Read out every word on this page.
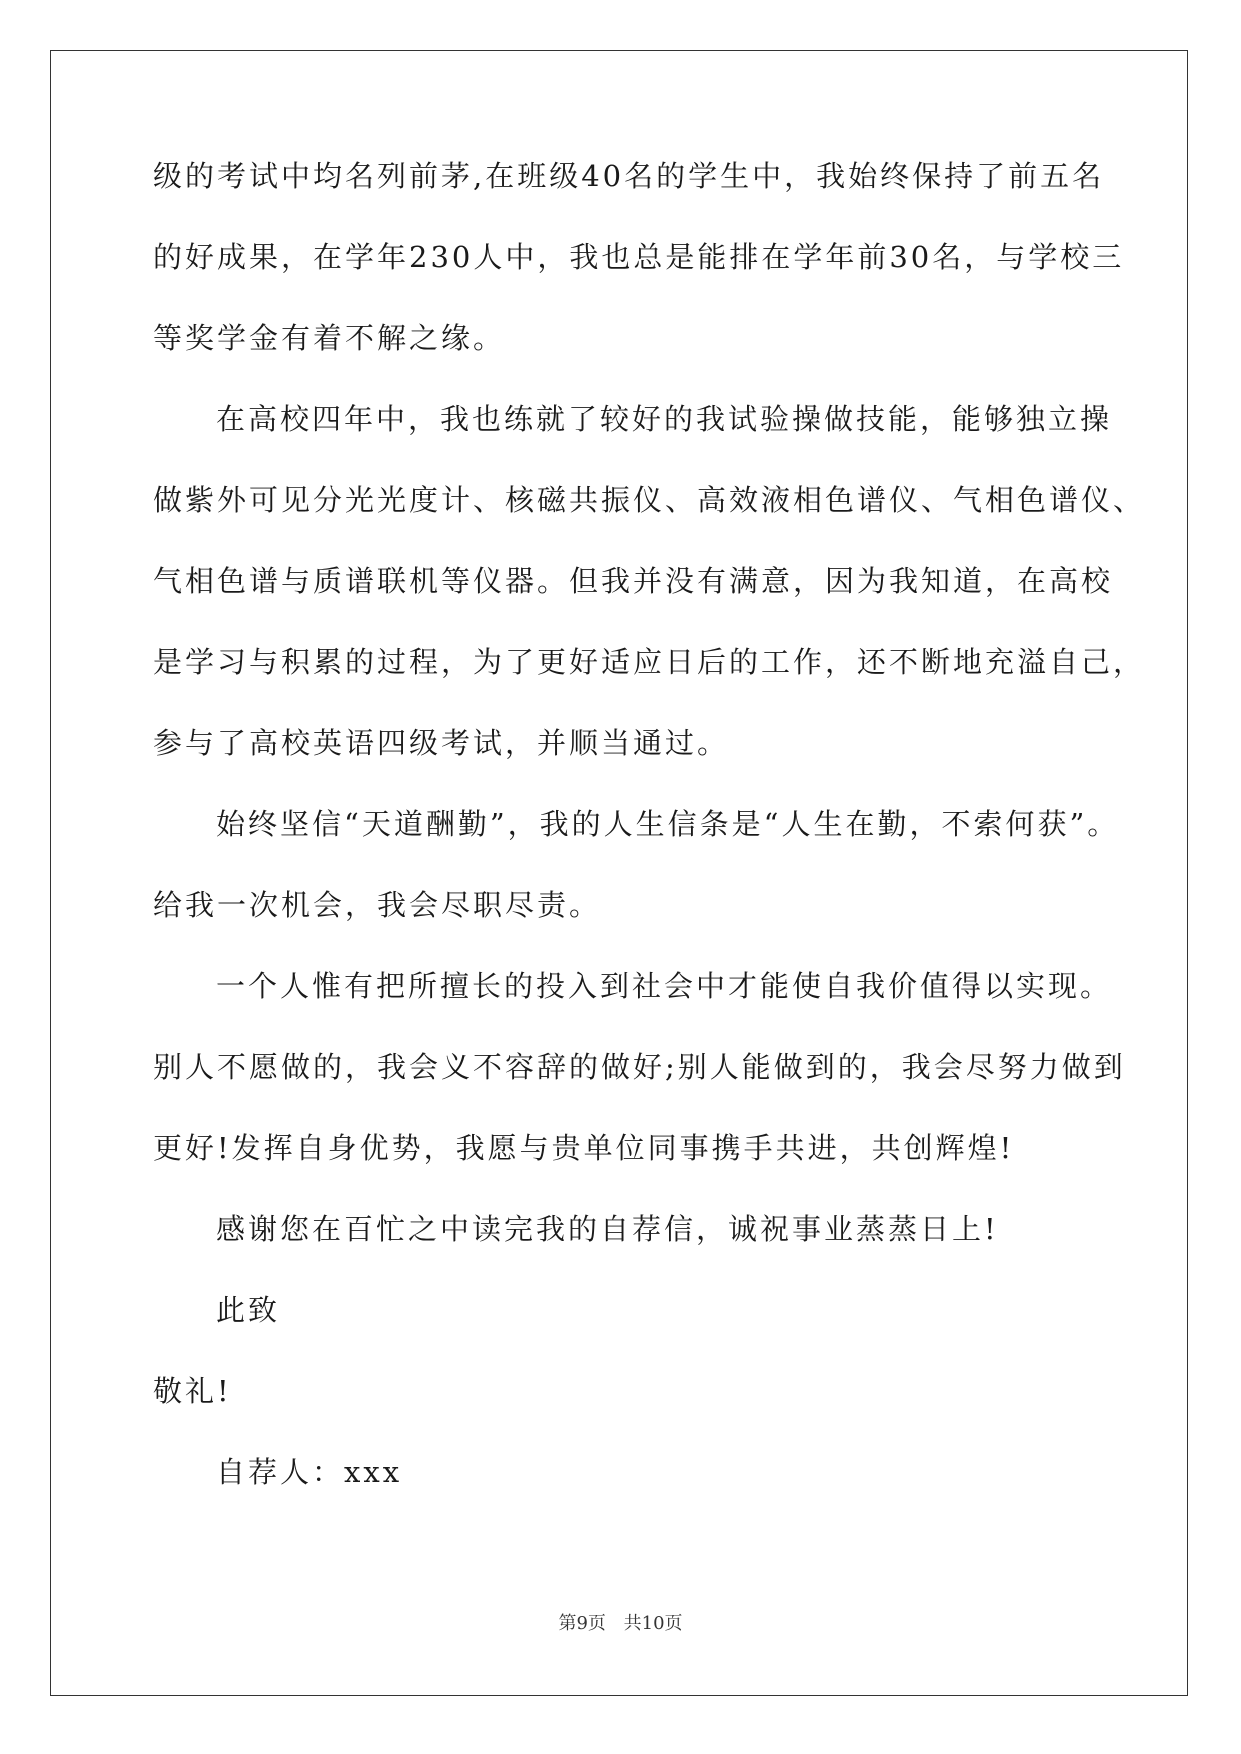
级的考试中均名列前茅,在班级40名的学生中，我始终保持了前五名
的好成果，在学年230人中，我也总是能排在学年前30名，与学校三
等奖学金有着不解之缘。
在高校四年中，我也练就了较好的我试验操做技能，能够独立操
做紫外可见分光光度计、核磁共振仪、高效液相色谱仪、气相色谱仪、
气相色谱与质谱联机等仪器。但我并没有满意，因为我知道，在高校
是学习与积累的过程，为了更好适应日后的工作，还不断地充溢自己，
参与了高校英语四级考试，并顺当通过。
始终坚信“天道酬勤”，我的人生信条是“人生在勤，不索何获”。
给我一次机会，我会尽职尽责。
一个人惟有把所擅长的投入到社会中才能使自我价值得以实现。
别人不愿做的，我会义不容辞的做好;别人能做到的，我会尽努力做到
更好!发挥自身优势，我愿与贵单位同事携手共进，共创辉煌!
感谢您在百忙之中读完我的自荐信，诚祝事业蒸蒸日上!
此致
敬礼!
自荐人：xxx
第9页 共10页
